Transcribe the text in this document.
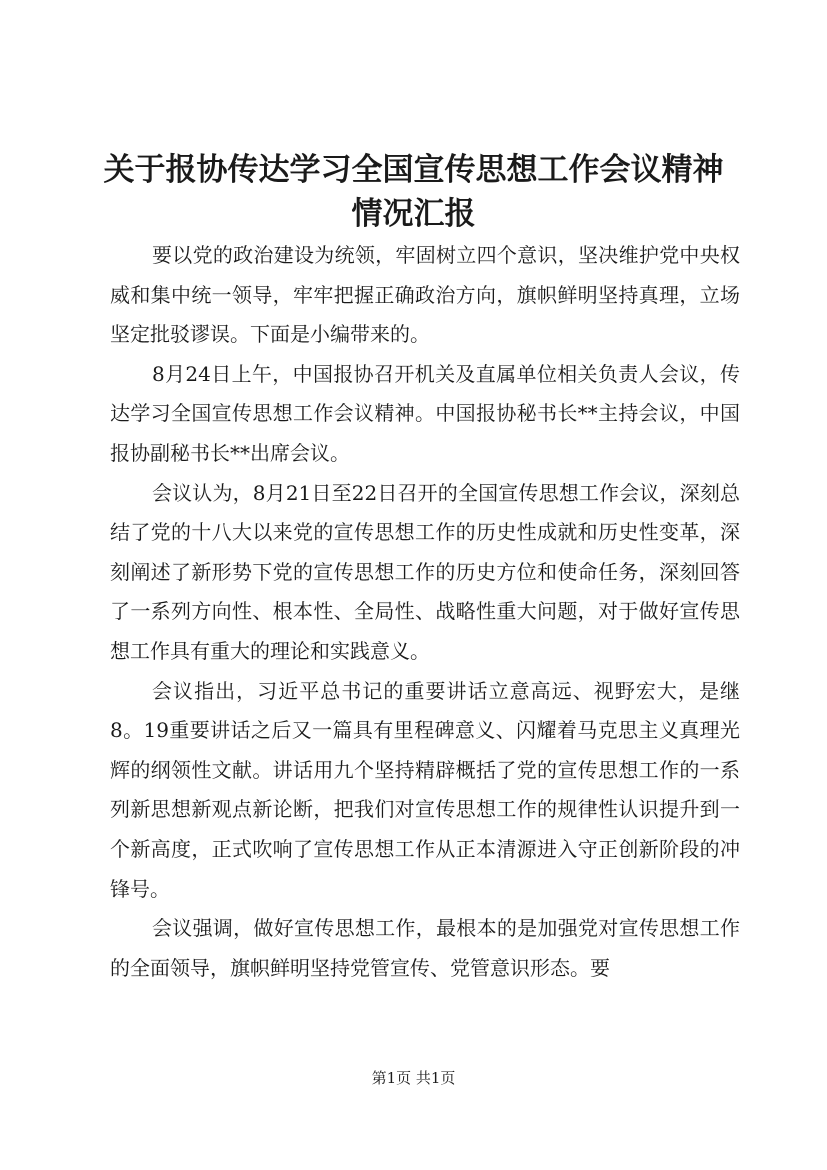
关于报协传达学习全国宣传思想工作会议精神
情况汇报

要以党的政治建设为统领，牢固树立四个意识，坚决维护党中央权威和集中统一领导，牢牢把握正确政治方向，旗帜鲜明坚持真理，立场坚定批驳谬误。下面是小编带来的。

8月24日上午，中国报协召开机关及直属单位相关负责人会议，传达学习全国宣传思想工作会议精神。中国报协秘书长**主持会议，中国报协副秘书长**出席会议。

会议认为，8月21日至22日召开的全国宣传思想工作会议，深刻总结了党的十八大以来党的宣传思想工作的历史性成就和历史性变革，深刻阐述了新形势下党的宣传思想工作的历史方位和使命任务，深刻回答了一系列方向性、根本性、全局性、战略性重大问题，对于做好宣传思想工作具有重大的理论和实践意义。

会议指出，习近平总书记的重要讲话立意高远、视野宏大，是继8。19重要讲话之后又一篇具有里程碑意义、闪耀着马克思主义真理光辉的纲领性文献。讲话用九个坚持精辟概括了党的宣传思想工作的一系列新思想新观点新论断，把我们对宣传思想工作的规律性认识提升到一个新高度，正式吹响了宣传思想工作从正本清源进入守正创新阶段的冲锋号。

会议强调，做好宣传思想工作，最根本的是加强党对宣传思想工作的全面领导，旗帜鲜明坚持党管宣传、党管意识形态。要

第1页 共1页
